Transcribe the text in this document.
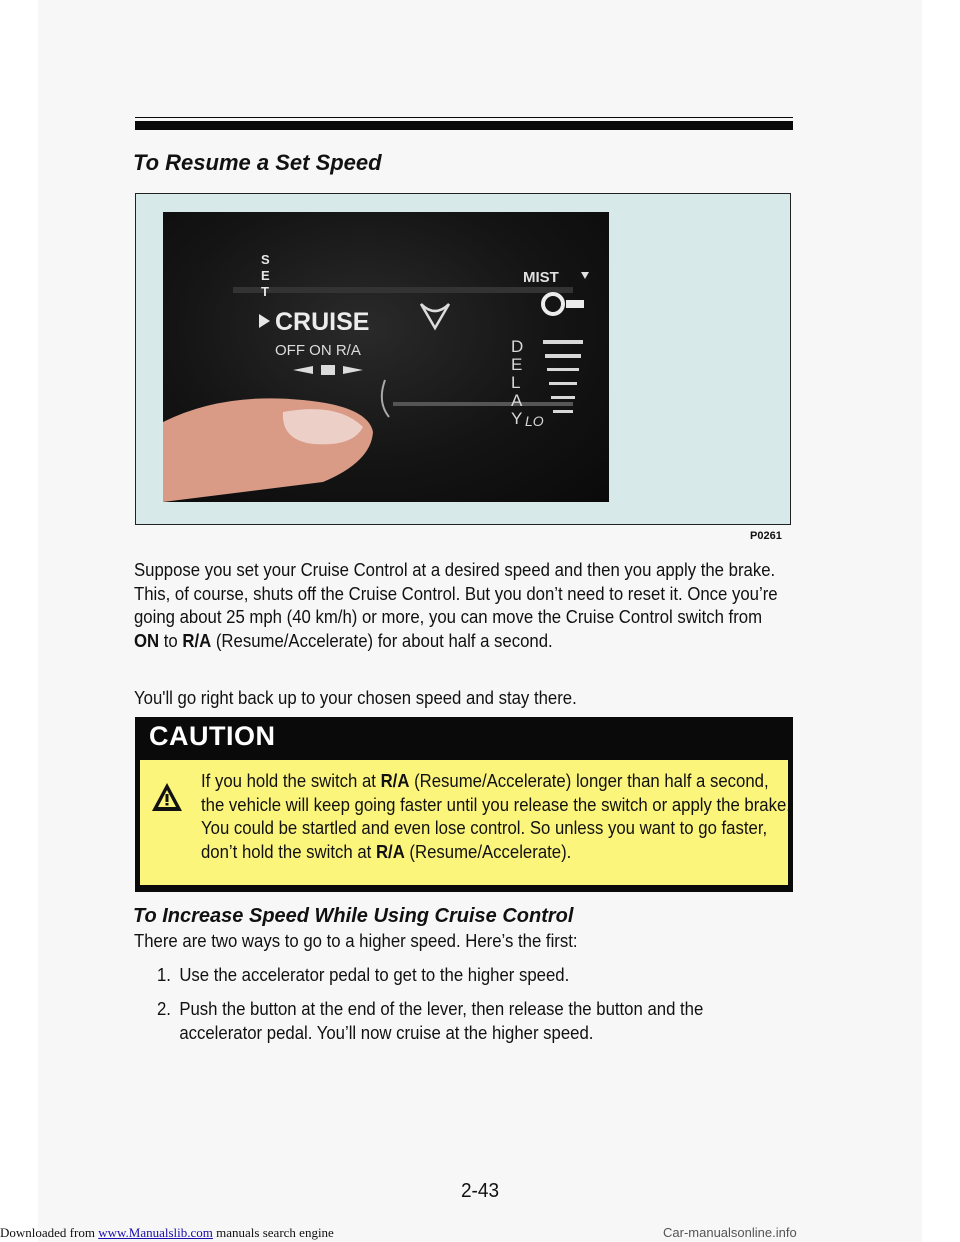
To Resume a Set Speed
S
E
T
CRUISE
OFF ON R/A
MIST
D
E
L
A
Y LO
P0261

Suppose you set your Cruise Control at a desired speed and then you apply the brake. This, of course, shuts off the Cruise Control. But you don’t need to reset it. Once you’re going about 25 mph (40 km/h) or more, you can move the Cruise Control switch from ON to R/A (Resume/Accelerate) for about half a second.

You'll go right back up to your chosen speed and stay there.

CAUTION

If you hold the switch at R/A (Resume/Accelerate) longer than half a second, the vehicle will keep going faster until you release the switch or apply the brake. You could be startled and even lose control. So unless you want to go faster, don’t hold the switch at R/A (Resume/Accelerate).

To Increase Speed While Using Cruise Control

There are two ways to go to a higher speed. Here’s the first:

1. Use the accelerator pedal to get to the higher speed.

2. Push the button at the end of the lever, then release the button and the
accelerator pedal. You’ll now cruise at the higher speed.

2-43

Downloaded from www.Manualslib.com manuals search engine	Car-manualsonline.info
